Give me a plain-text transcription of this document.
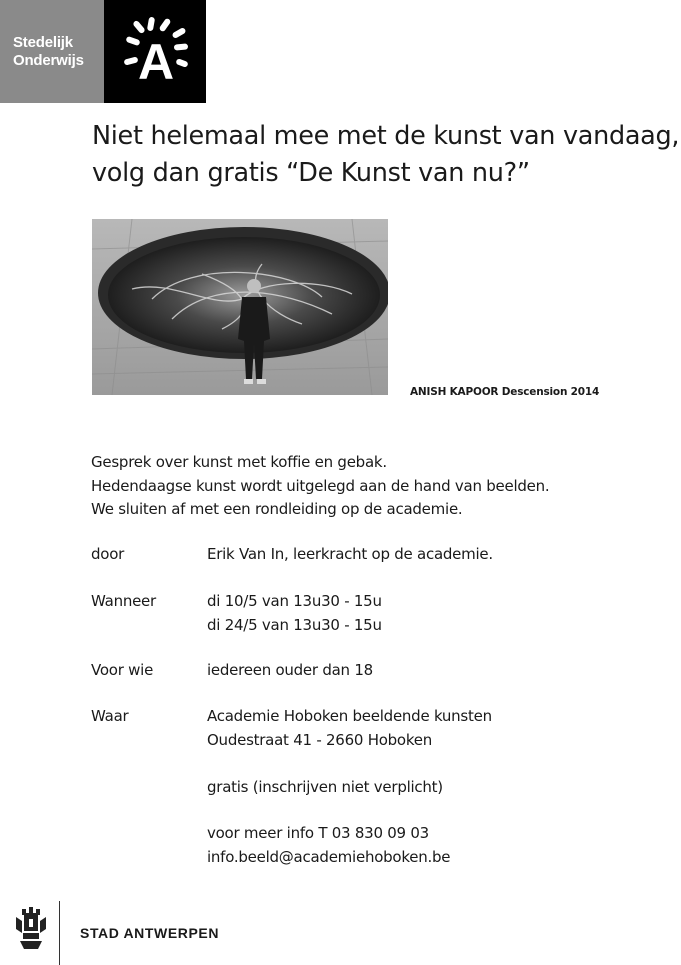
Stedelijk
Onderwijs A
Niet helemaal mee met de kunst van vandaag,
volg dan gratis “De Kunst van nu?”
ANISH KAPOOR Descension 2014
Gesprek over kunst met koffie en gebak.
Hedendaagse kunst wordt uitgelegd aan de hand van beelden.
We sluiten af met een rondleiding op de academie.
door	Erik Van In, leerkracht op de academie.
Wanneer	di 10/5 van 13u30 - 15u
di 24/5 van 13u30 - 15u
Voor wie	iedereen ouder dan 18
Waar	Academie Hoboken beeldende kunsten
Oudestraat 41 - 2660 Hoboken
gratis (inschrijven niet verplicht)
voor meer info T 03 830 09 03
info.beeld@academiehoboken.be
STAD ANTWERPEN
